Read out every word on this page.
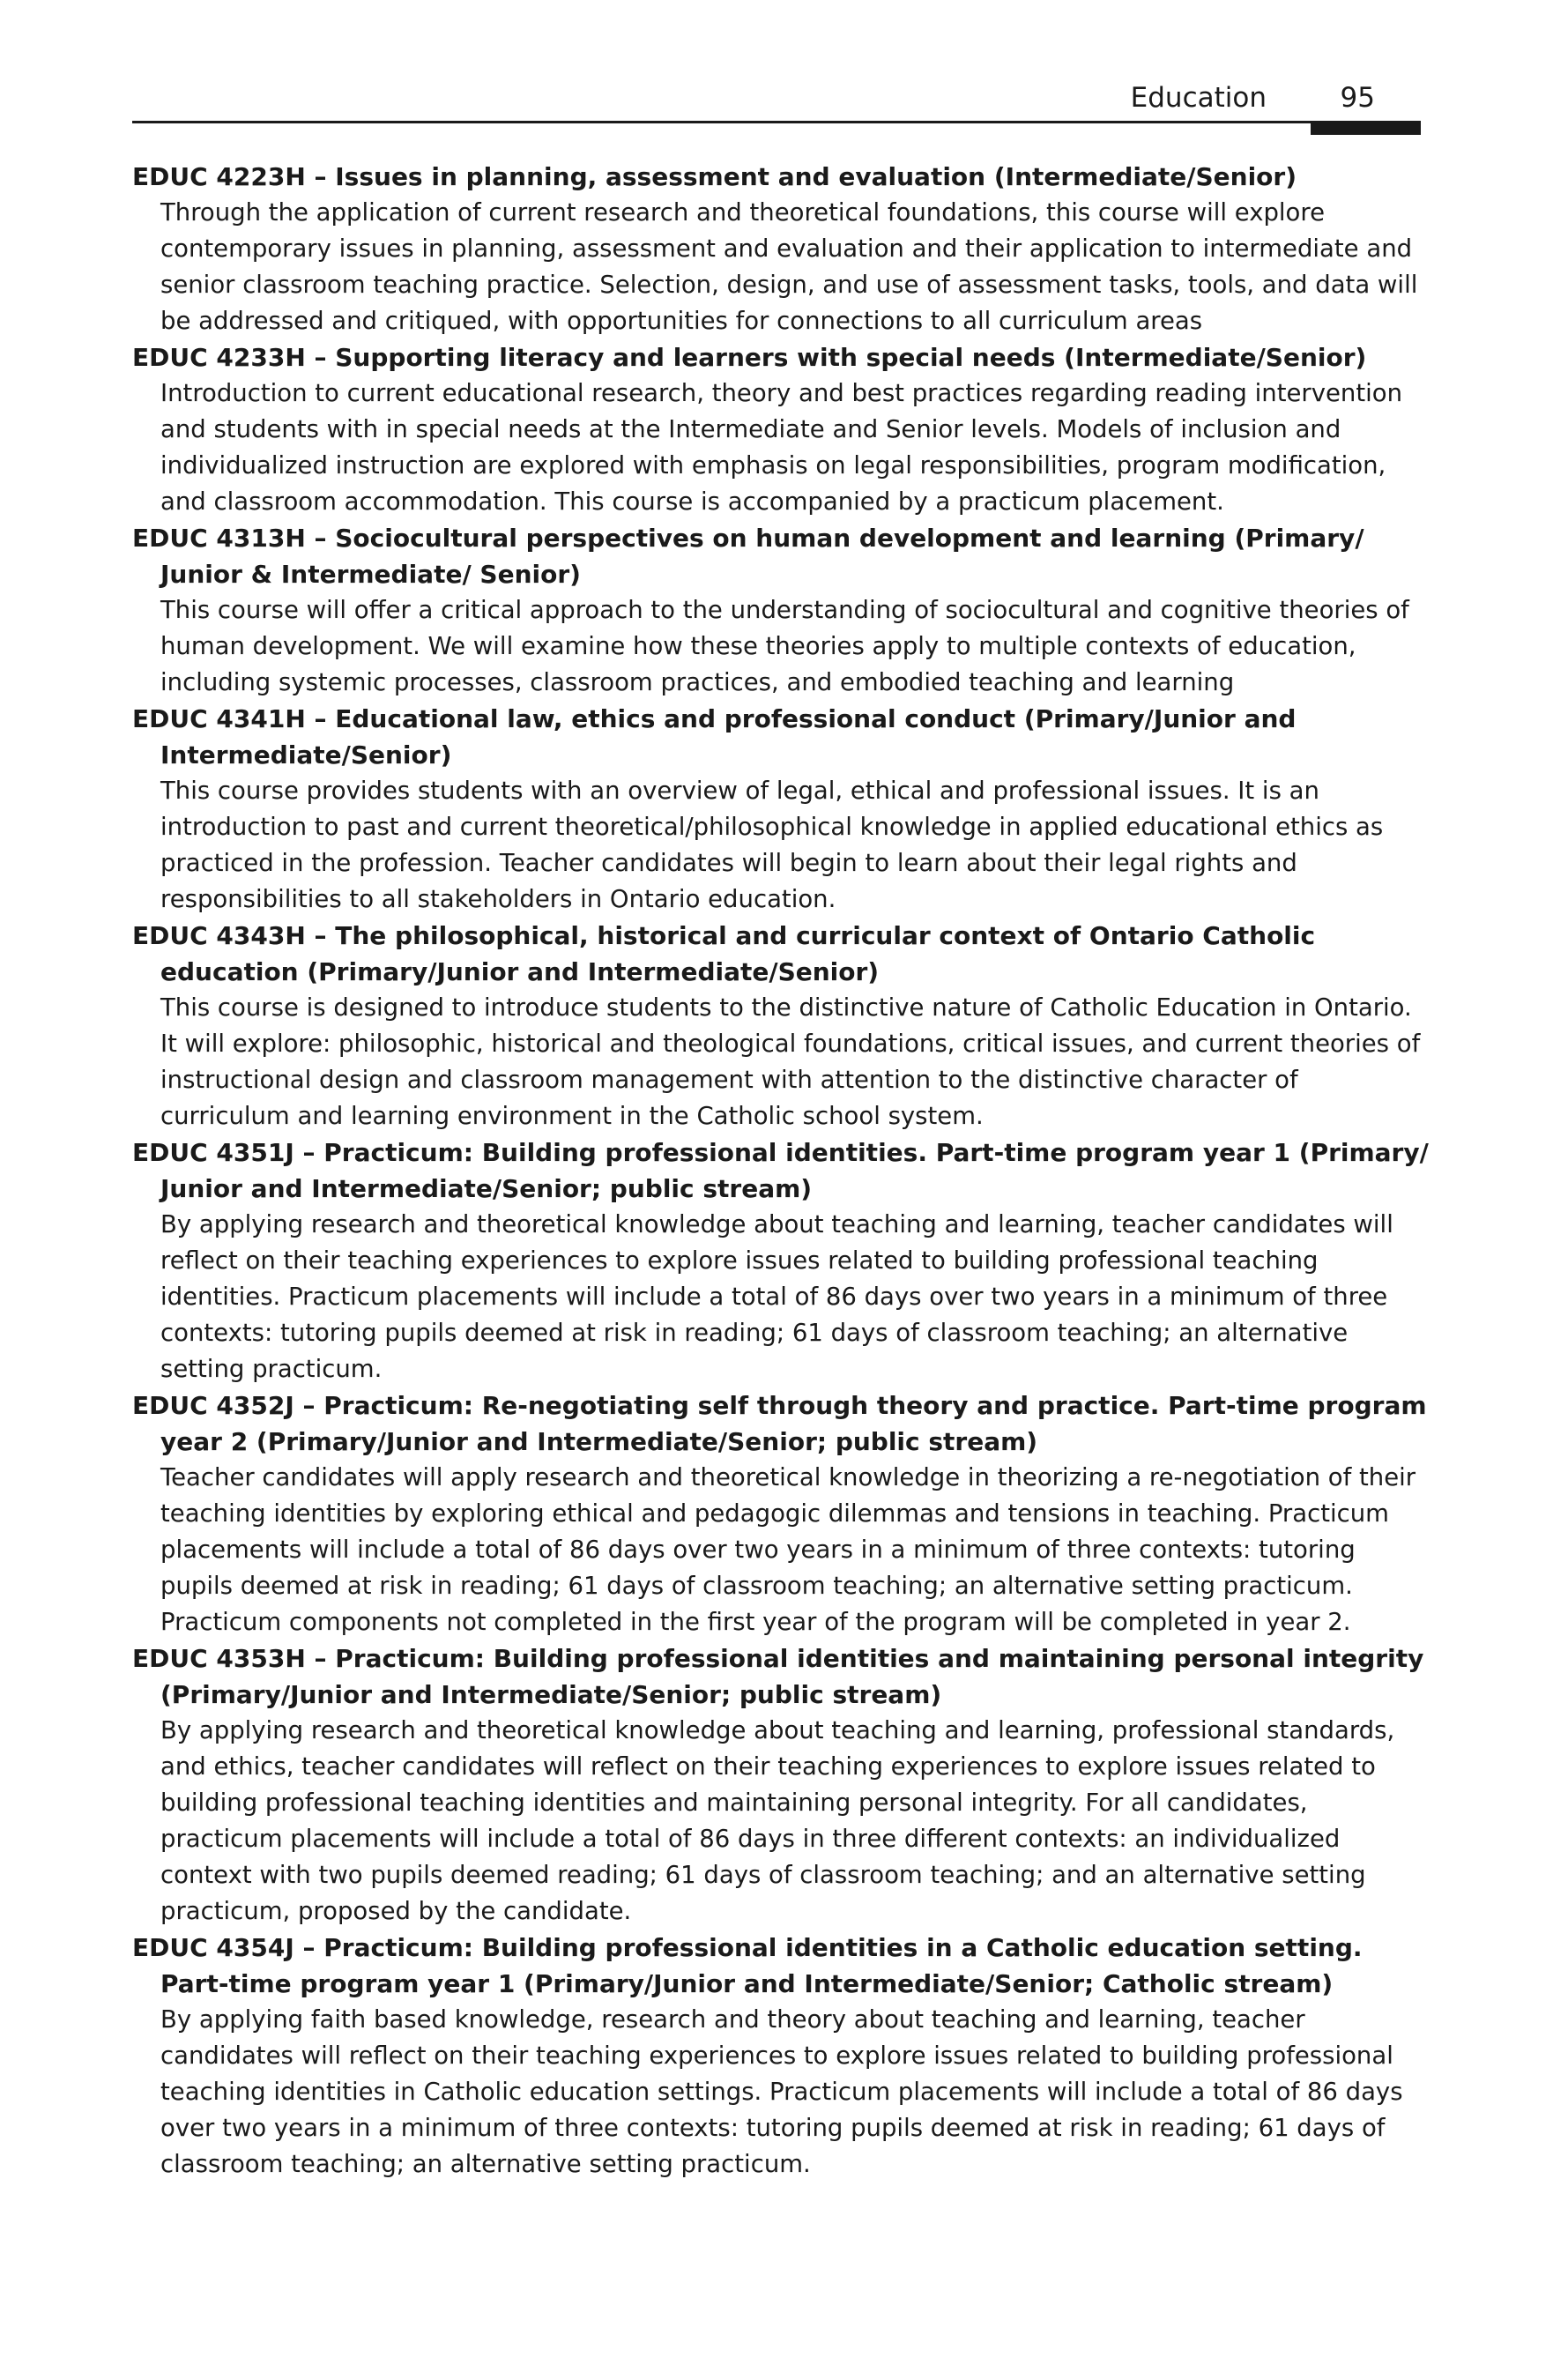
Education	95

EDUC 4223H – Issues in planning, assessment and evaluation (Intermediate/Senior)

Through the application of current research and theoretical foundations, this course will explore contemporary issues in planning, assessment and evaluation and their application to intermediate and senior classroom teaching practice. Selection, design, and use of assessment tasks, tools, and data will be addressed and critiqued, with opportunities for connections to all curriculum areas

EDUC 4233H – Supporting literacy and learners with special needs (Intermediate/Senior)

Introduction to current educational research, theory and best practices regarding reading intervention and students with in special needs at the Intermediate and Senior levels. Models of inclusion and individualized instruction are explored with emphasis on legal responsibilities, program modification, and classroom accommodation. This course is accompanied by a practicum placement.

EDUC 4313H – Sociocultural perspectives on human development and learning (Primary/ Junior & Intermediate/ Senior)

This course will offer a critical approach to the understanding of sociocultural and cognitive theories of human development. We will examine how these theories apply to multiple contexts of education, including systemic processes, classroom practices, and embodied teaching and learning

EDUC 4341H – Educational law, ethics and professional conduct (Primary/Junior and Intermediate/Senior)

This course provides students with an overview of legal, ethical and professional issues. It is an introduction to past and current theoretical/philosophical knowledge in applied educational ethics as practiced in the profession. Teacher candidates will begin to learn about their legal rights and responsibilities to all stakeholders in Ontario education.

EDUC 4343H – The philosophical, historical and curricular context of Ontario Catholic education (Primary/Junior and Intermediate/Senior)

This course is designed to introduce students to the distinctive nature of Catholic Education in Ontario. It will explore: philosophic, historical and theological foundations, critical issues, and current theories of instructional design and classroom management with attention to the distinctive character of curriculum and learning environment in the Catholic school system.

EDUC 4351J – Practicum: Building professional identities. Part-time program year 1 (Primary/ Junior and Intermediate/Senior; public stream)

By applying research and theoretical knowledge about teaching and learning, teacher candidates will reflect on their teaching experiences to explore issues related to building professional teaching identities. Practicum placements will include a total of 86 days over two years in a minimum of three contexts: tutoring pupils deemed at risk in reading; 61 days of classroom teaching; an alternative setting practicum.

EDUC 4352J – Practicum: Re-negotiating self through theory and practice. Part-time program year 2 (Primary/Junior and Intermediate/Senior; public stream)

Teacher candidates will apply research and theoretical knowledge in theorizing a re-negotiation of their teaching identities by exploring ethical and pedagogic dilemmas and tensions in teaching. Practicum placements will include a total of 86 days over two years in a minimum of three contexts: tutoring pupils deemed at risk in reading; 61 days of classroom teaching; an alternative setting practicum. Practicum components not completed in the first year of the program will be completed in year 2.

EDUC 4353H – Practicum: Building professional identities and maintaining personal integrity (Primary/Junior and Intermediate/Senior; public stream)

By applying research and theoretical knowledge about teaching and learning, professional standards, and ethics, teacher candidates will reflect on their teaching experiences to explore issues related to building professional teaching identities and maintaining personal integrity. For all candidates, practicum placements will include a total of 86 days in three different contexts: an individualized context with two pupils deemed reading; 61 days of classroom teaching; and an alternative setting practicum, proposed by the candidate.

EDUC 4354J – Practicum: Building professional identities in a Catholic education setting. Part-time program year 1 (Primary/Junior and Intermediate/Senior; Catholic stream)

By applying faith based knowledge, research and theory about teaching and learning, teacher candidates will reflect on their teaching experiences to explore issues related to building professional teaching identities in Catholic education settings. Practicum placements will include a total of 86 days over two years in a minimum of three contexts: tutoring pupils deemed at risk in reading; 61 days of classroom teaching; an alternative setting practicum.
